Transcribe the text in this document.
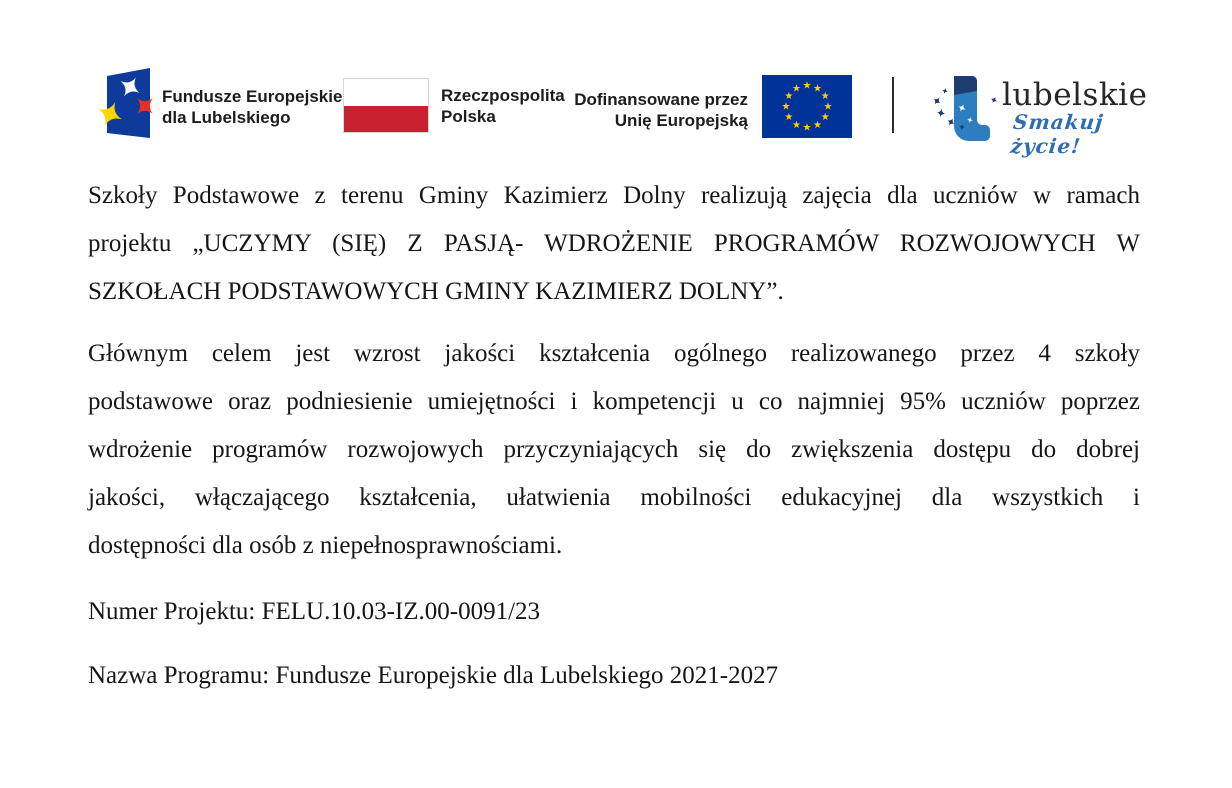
Fundusze Europejskie
dla Lubelskiego
Rzeczpospolita
Polska
Dofinansowane przez
Unię Europejską
★ ★
★
★
★
★
★
★
★
★
★
★	lubelskie
Smakuj życie!

Szkoły Podstawowe z terenu Gminy Kazimierz Dolny realizują zajęcia dla uczniów w ramach
projektu „UCZYMY (SIĘ) Z PASJĄ- WDROŻENIE PROGRAMÓW ROZWOJOWYCH W
SZKOŁACH PODSTAWOWYCH GMINY KAZIMIERZ DOLNY”.

Głównym celem jest wzrost jakości kształcenia ogólnego realizowanego przez 4 szkoły
podstawowe oraz podniesienie umiejętności i kompetencji u co najmniej 95% uczniów poprzez
wdrożenie programów rozwojowych przyczyniających się do zwiększenia dostępu do dobrej
jakości, włączającego kształcenia, ułatwienia mobilności edukacyjnej dla wszystkich i
dostępności dla osób z niepełnosprawnościami.

Numer Projektu: FELU.10.03-IZ.00-0091/23

Nazwa Programu: Fundusze Europejskie dla Lubelskiego 2021-2027
